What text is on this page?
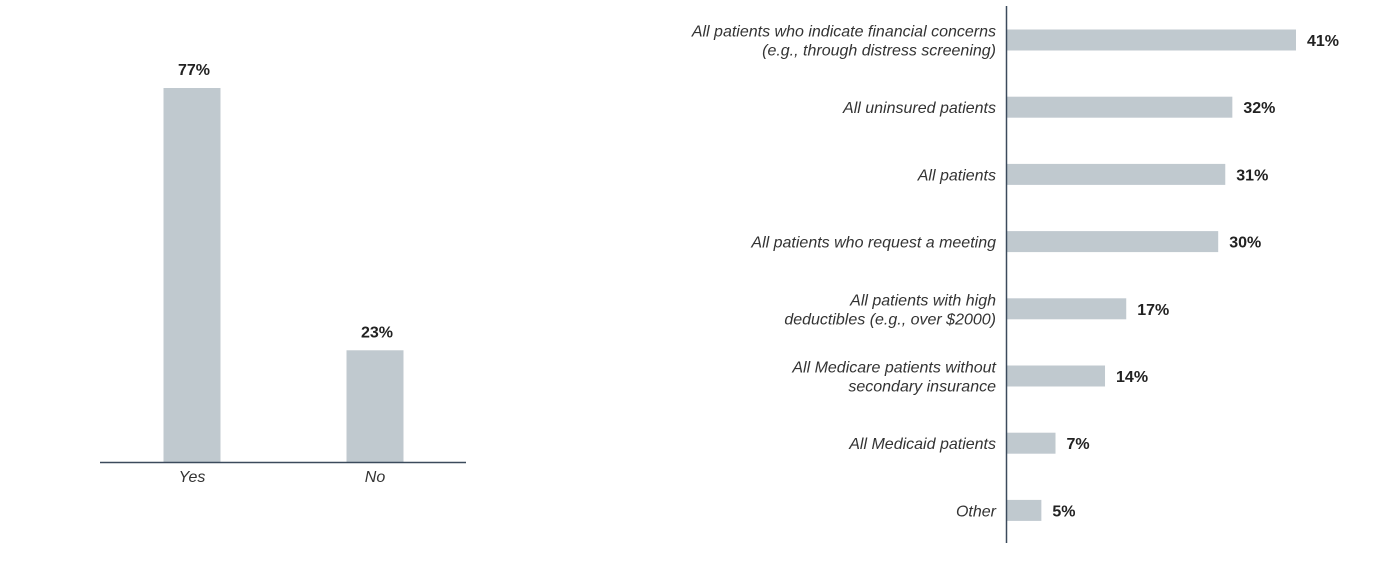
77%
Yes
23%
No
41%
All patients who indicate financial concerns (e.g., through distress screening)
32%
All uninsured patients
31%
All patients
30%
All patients who request a meeting
17%
All patients with high deductibles (e.g., over $2000)
14%
All Medicare patients without secondary insurance
7%
All Medicaid patients
5%
Other
